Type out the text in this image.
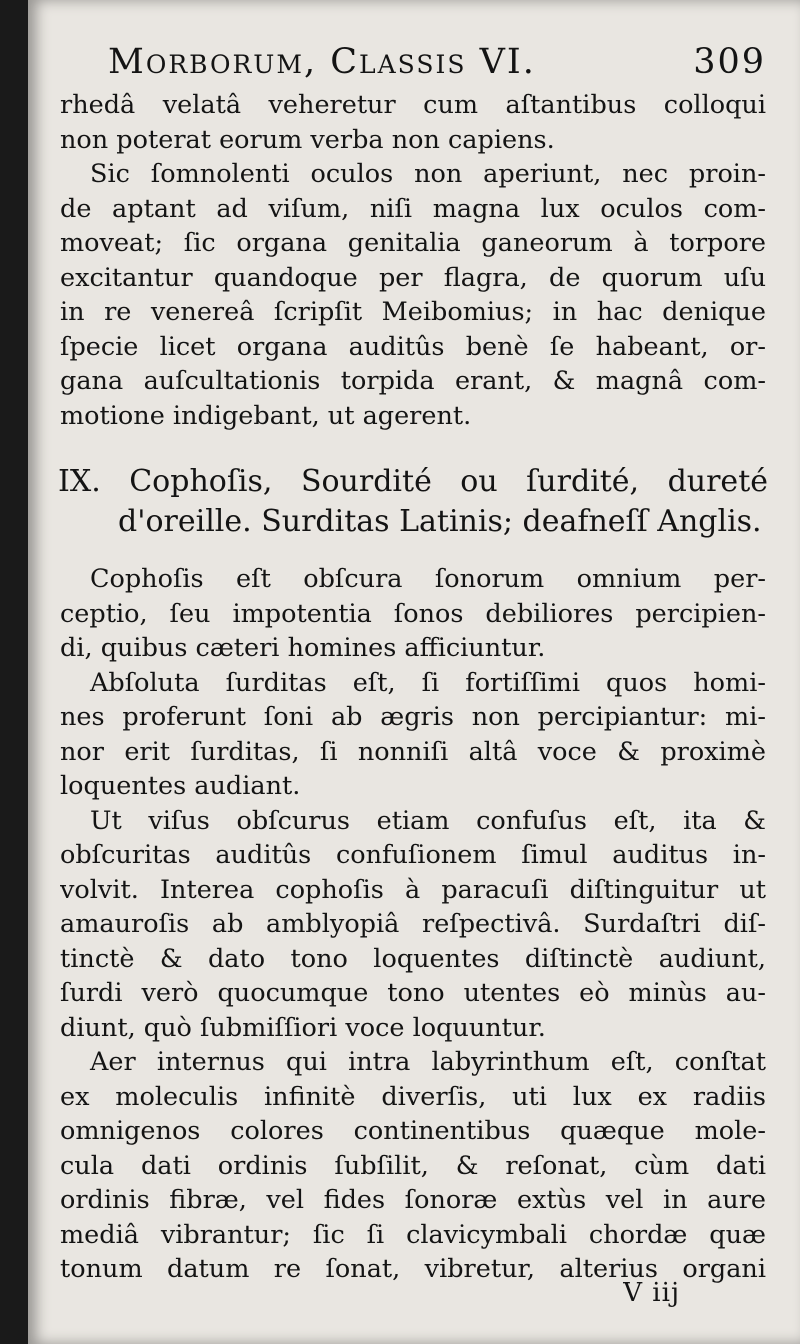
Morborum, Classis VI.	309
rhedâ velatâ veheretur cum aſtantibus colloqui
non poterat eorum verba non capiens.
Sic ſomnolenti oculos non aperiunt, nec proin-
de aptant ad viſum, niſi magna lux oculos com-
moveat; ſic organa genitalia ganeorum à torpore
excitantur quandoque per flagra, de quorum uſu
in re venereâ ſcripſit Meibomius; in hac denique
ſpecie licet organa auditûs benè ſe habeant, or-
gana auſcultationis torpida erant, & magnâ com-
motione indigebant, ut agerent.
IX. Cophoſis, Sourdité ou ſurdité, dureté
d'oreille. Surditas Latinis; deafneſſ Anglis.
Cophoſis eſt obſcura ſonorum omnium per-
ceptio, ſeu impotentia ſonos debiliores percipien-
di, quibus cæteri homines afficiuntur.
Abſoluta ſurditas eſt, ſi fortiſſimi quos homi-
nes proferunt ſoni ab ægris non percipiantur: mi-
nor erit ſurditas, ſi nonniſi altâ voce & proximè
loquentes audiant.
Ut viſus obſcurus etiam confuſus eſt, ita &
obſcuritas auditûs confuſionem ſimul auditus in-
volvit. Interea cophoſis à paracuſi diſtinguitur ut
amauroſis ab amblyopiâ reſpectivâ. Surdaſtri diſ-
tinctè & dato tono loquentes diſtinctè audiunt,
ſurdi verò quocumque tono utentes eò minùs au-
diunt, quò ſubmiſſiori voce loquuntur.
Aer internus qui intra labyrinthum eſt, conſtat
ex moleculis infinitè diverſis, uti lux ex radiis
omnigenos colores continentibus quæque mole-
cula dati ordinis ſubſilit, & reſonat, cùm dati
ordinis fibræ, vel fides ſonoræ extùs vel in aure
mediâ vibrantur; ſic ſi clavicymbali chordæ quæ
tonum datum re ſonat, vibretur, alterius organi
V iij
